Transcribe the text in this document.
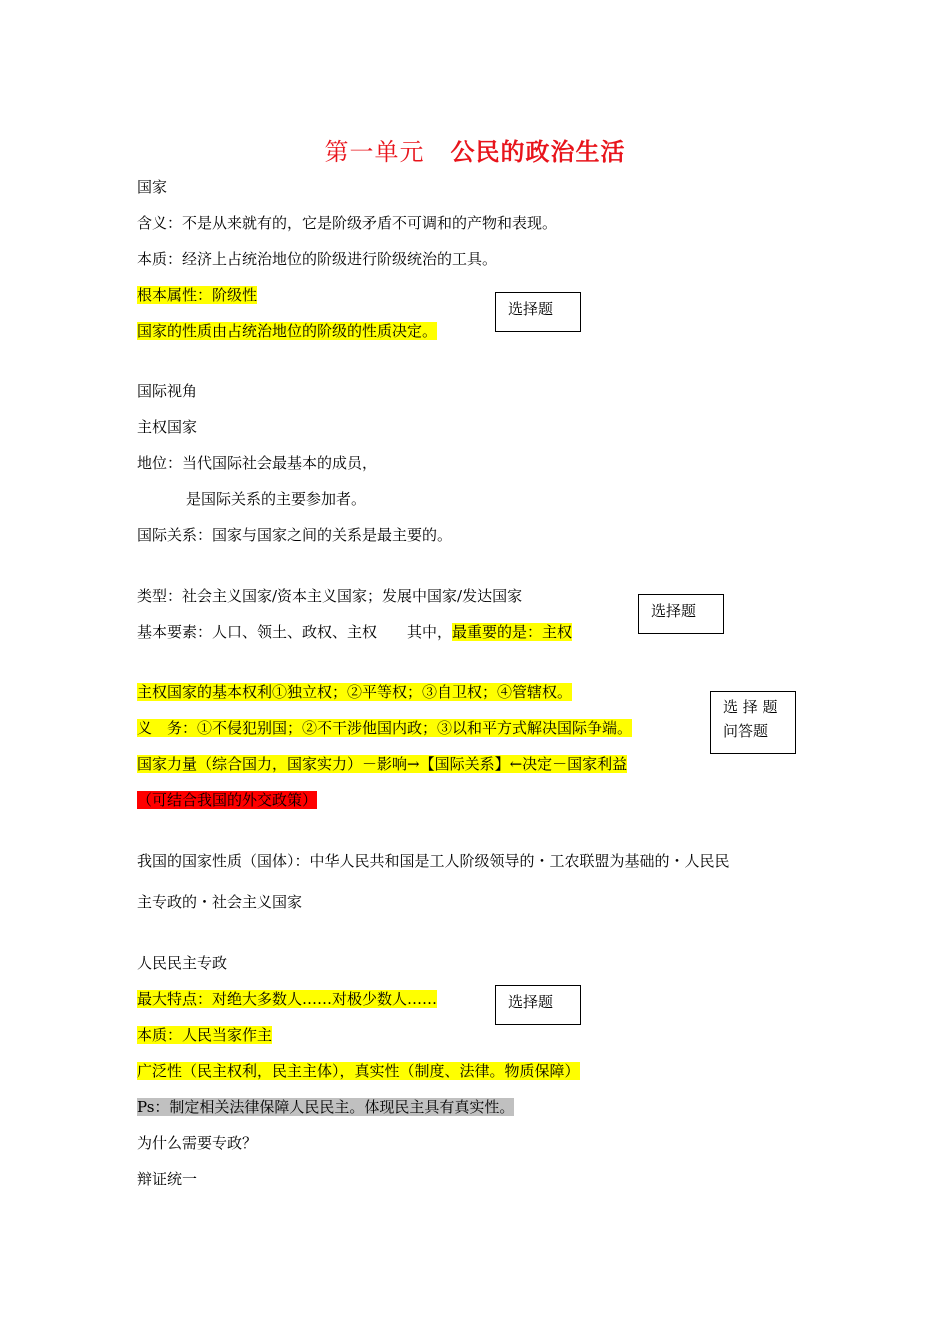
第一单元 公民的政治生活
国家
含义：不是从来就有的，它是阶级矛盾不可调和的产物和表现。
本质：经济上占统治地位的阶级进行阶级统治的工具。
根本属性：阶级性
国家的性质由占统治地位的阶级的性质决定。
选择题
国际视角
主权国家
地位：当代国际社会最基本的成员，
是国际关系的主要参加者。
国际关系：国家与国家之间的关系是最主要的。
类型：社会主义国家/资本主义国家；发展中国家/发达国家
基本要素：人口、领土、政权、主权　　其中，最重要的是：主权
选择题
主权国家的基本权利①独立权；②平等权；③自卫权；④管辖权。
义　务：①不侵犯别国；②不干涉他国内政；③以和平方式解决国际争端。
国家力量（综合国力，国家实力）－影响→【国际关系】←决定－国家利益
（可结合我国的外交政策）
选 择 题
问答题
我国的国家性质（国体）：中华人民共和国是工人阶级领导的・工农联盟为基础的・人民民
主专政的・社会主义国家
人民民主专政
最大特点：对绝大多数人……对极少数人……
本质：人民当家作主
广泛性（民主权利，民主主体），真实性（制度、法律。物质保障）
Ps：制定相关法律保障人民民主。体现民主具有真实性。
为什么需要专政？
辩证统一
选择题
